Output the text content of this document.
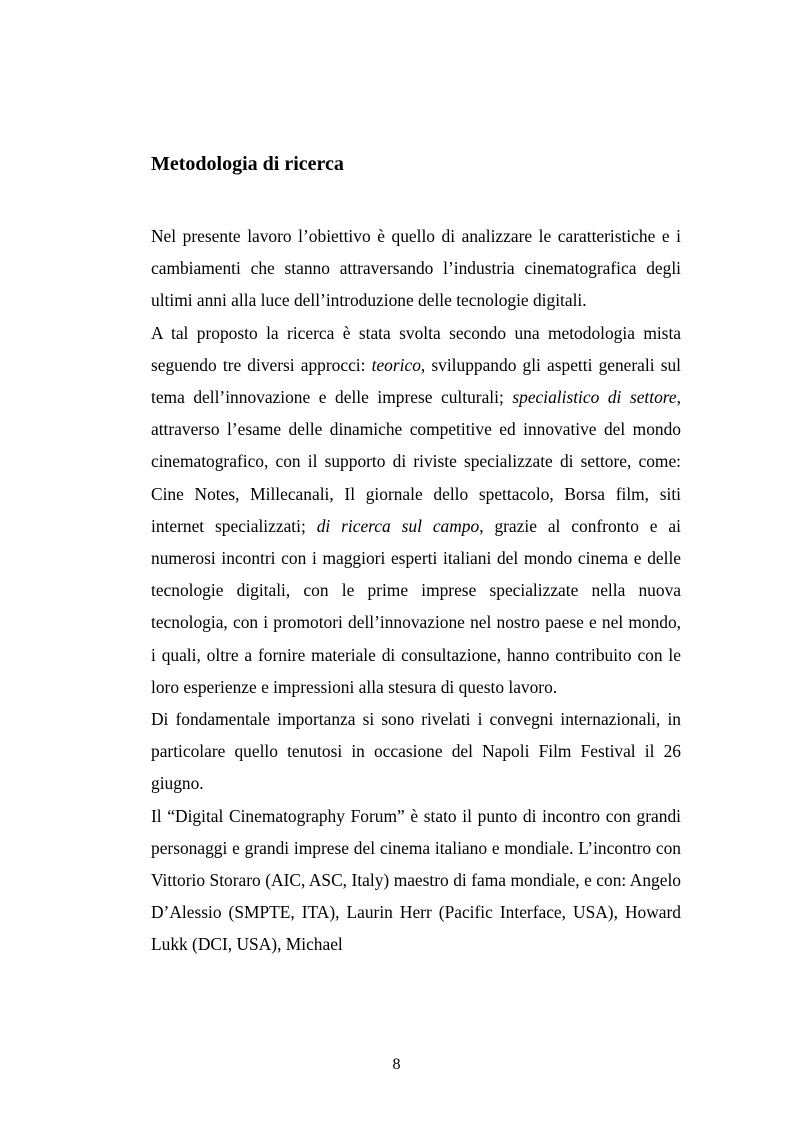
Metodologia di ricerca

Nel presente lavoro l’obiettivo è quello di analizzare le caratteristiche e i cambiamenti che stanno attraversando l’industria cinematografica degli ultimi anni alla luce dell’introduzione delle tecnologie digitali.

A tal proposto la ricerca è stata svolta secondo una metodologia mista seguendo tre diversi approcci: teorico, sviluppando gli aspetti generali sul tema dell’innovazione e delle imprese culturali; specialistico di settore, attraverso l’esame delle dinamiche competitive ed innovative del mondo cinematografico, con il supporto di riviste specializzate di settore, come: Cine Notes, Millecanali, Il giornale dello spettacolo, Borsa film, siti internet specializzati; di ricerca sul campo, grazie al confronto e ai numerosi incontri con i maggiori esperti italiani del mondo cinema e delle tecnologie digitali, con le prime imprese specializzate nella nuova tecnologia, con i promotori dell’innovazione nel nostro paese e nel mondo, i quali, oltre a fornire materiale di consultazione, hanno contribuito con le loro esperienze e impressioni alla stesura di questo lavoro.

Di fondamentale importanza si sono rivelati i convegni internazionali, in particolare quello tenutosi in occasione del Napoli Film Festival il 26 giugno.

Il “Digital Cinematography Forum” è stato il punto di incontro con grandi personaggi e grandi imprese del cinema italiano e mondiale. L’incontro con Vittorio Storaro (AIC, ASC, Italy) maestro di fama mondiale, e con: Angelo D’Alessio (SMPTE, ITA), Laurin Herr (Pacific Interface, USA), Howard Lukk (DCI, USA), Michael

8
